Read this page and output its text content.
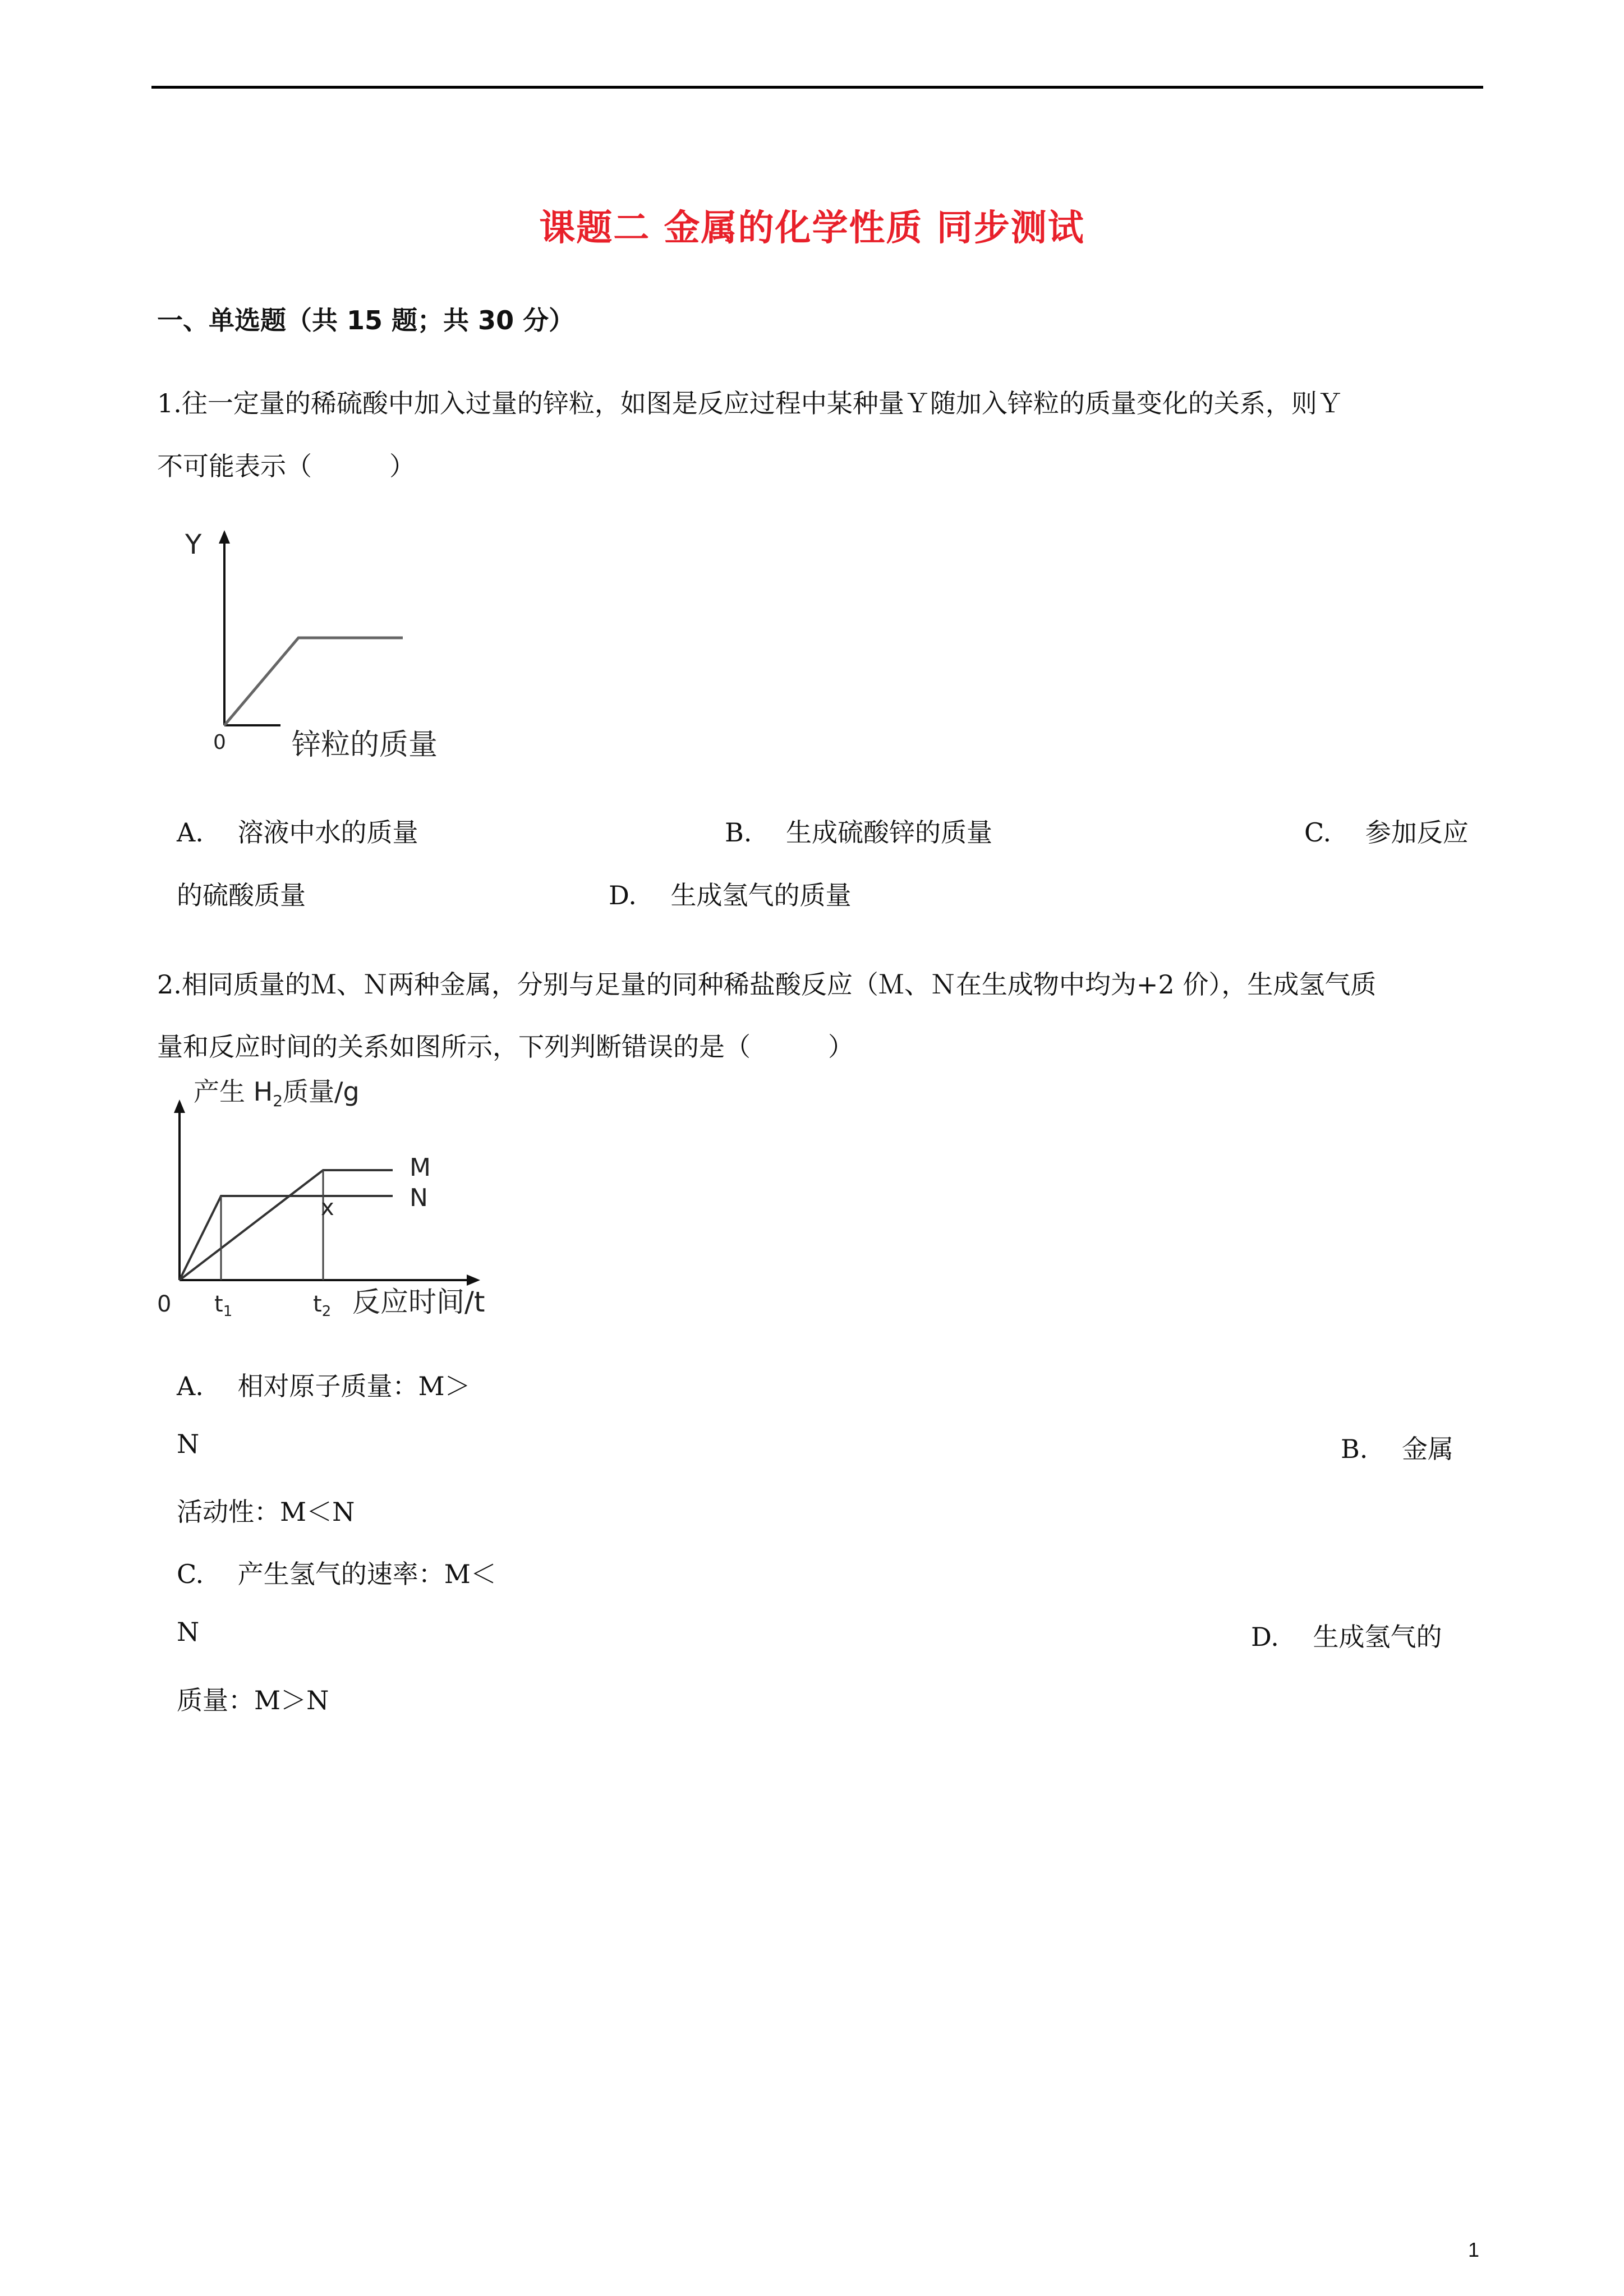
课题二 金属的化学性质 同步测试
一、单选题（共 15 题；共 30 分）
1.往一定量的稀硫酸中加入过量的锌粒，如图是反应过程中某种量Ｙ随加入锌粒的质量变化的关系，则Ｙ
不可能表示（　　　）
Y
0 锌粒的质量
A.　 溶液中水的质量	B.　 生成硫酸锌的质量	C.　 参加反应
的硫酸质量	D.　 生成氢气的质量
2.相同质量的Ｍ、Ｎ两种金属，分别与足量的同种稀盐酸反应（Ｍ、Ｎ在生成物中均为+2 价），生成氢气质
量和反应时间的关系如图所示，下列判断错误的是（　　　）
产生 $H_2$质量/g
M
N
x
0 $t_1$	$t_2$ 反应时间/t
A.　 相对原子质量：M＞
N	B.　 金属
活动性：M＜N
C.　 产生氢气的速率：M＜
N	D.　 生成氢气的
质量：M＞N
1
